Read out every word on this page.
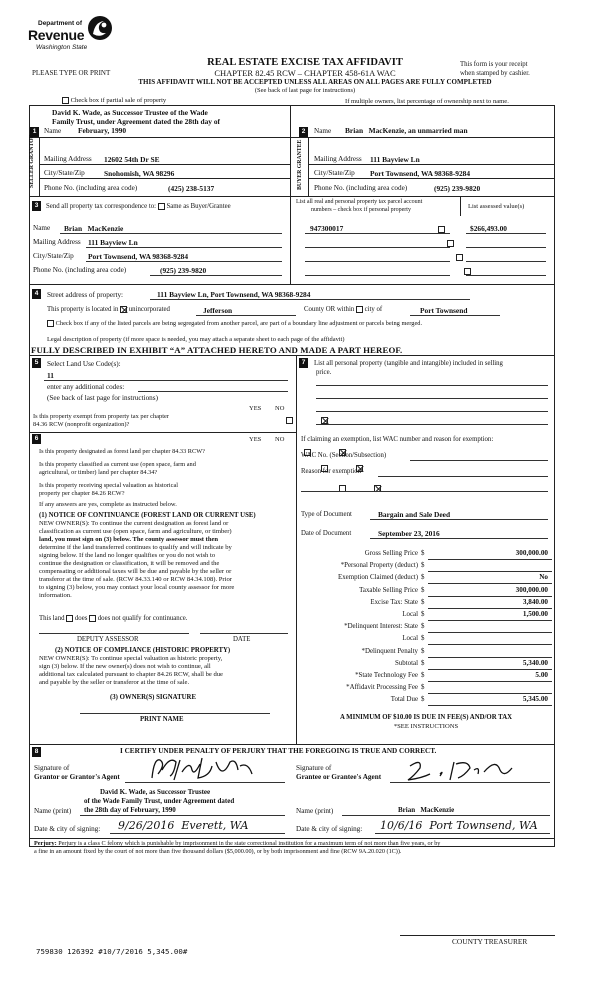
Department of
Revenue
Washington State
REAL ESTATE EXCISE TAX AFFIDAVIT
CHAPTER 82.45 RCW – CHAPTER 458-61A WAC
THIS AFFIDAVIT WILL NOT BE ACCEPTED UNLESS ALL AREAS ON ALL PAGES ARE FULLY COMPLETED
(See back of last page for instructions)
PLEASE TYPE OR PRINT
This form is your receipt
when stamped by cashier.
Check box if partial sale of property	If multiple owners, list percentage of ownership next to name.
1
David K. Wade, as Successor Trustee of the Wade
Family Trust, under Agreement dated the 28th day of
Name February, 1990
SELLER GRANTOR Mailing Address 12602 54th Dr SE
City/State/Zip	Snohomish, WA 98296
Phone No. (including area code)	(425) 238-5137
2	Name Brian   MacKenzie, an unmarried man
BUYER GRANTEE Mailing Address 111 Bayview Ln
City/State/Zip Port Townsend, WA 98368-9284
Phone No. (including area code)	(925) 239-9820
3	Send all property tax correspondence to: Same as Buyer/Grantee
List all real and personal property tax parcel account
numbers – check box if personal property	List assessed value(s)
Name Brian   MacKenzie
Mailing Address 111 Bayview Ln
City/State/Zip Port Townsend, WA 98368-9284
Phone No. (including area code)	(925) 239-9820
947300017	$266,493.00

4	Street address of property:	111 Bayview Ln, Port Townsend, WA 98368-9284
This property is located in unincorporated	Jefferson	County OR within city of	Port Townsend
Check box if any of the listed parcels are being segregated from another parcel, are part of a boundary line adjustment or parcels being merged.
Legal description of property (if more space is needed, you may attach a separate sheet to each page of the affidavit)
FULLY DESCRIBED IN EXHIBIT “A” ATTACHED HERETO AND MADE A PART HEREOF.
5	Select Land Use Code(s):
11
enter any additional codes:
(See back of last page for instructions)
YES NO
Is this property exempt from property tax per chapter
84.36 RCW (nonprofit organization)?

6	YES NO
Is this property designated as forest land per chapter 84.33 RCW?

Is this property classified as current use (open space, farm and
agricultural, or timber) land per chapter 84.34?

Is this property receiving special valuation as historical
property per chapter 84.26 RCW?

If any answers are yes, complete as instructed below.
(1) NOTICE OF CONTINUANCE (FOREST LAND OR CURRENT USE)
NEW OWNER(S): To continue the current designation as forest land or
classification as current use (open space, farm and agriculture, or timber)
land, you must sign on (3) below. The county assessor must then
determine if the land transferred continues to qualify and will indicate by
signing below. If the land no longer qualifies or you do not wish to
continue the designation or classification, it will be removed and the
compensating or additional taxes will be due and payable by the seller or
transferor at the time of sale. (RCW 84.33.140 or RCW 84.34.108). Prior
to signing (3) below, you may contact your local county assessor for more
information.
This land does does not qualify for continuance.
DEPUTY ASSESSOR	DATE
(2) NOTICE OF COMPLIANCE (HISTORIC PROPERTY)
NEW OWNER(S): To continue special valuation as historic property,
sign (3) below. If the new owner(s) does not wish to continue, all
additional tax calculated pursuant to chapter 84.26 RCW, shall be due
and payable by the seller or transferor at the time of sale.
(3) OWNER(S) SIGNATURE
PRINT NAME
7	List all personal property (tangible and intangible) included in selling
price.
If claiming an exemption, list WAC number and reason for exemption:
WAC No. (Section/Subsection)
Reason for exemption
Type of Document	Bargain and Sale Deed
Date of Document	September 23, 2016
Gross Selling Price $	300,000.00
*Personal Property (deduct) $
Exemption Claimed (deduct) $	No
Taxable Selling Price $	300,000.00
Excise Tax: State $	3,840.00
Local $	1,500.00
*Delinquent Interest: State $
Local $
*Delinquent Penalty $
Subtotal $	5,340.00
*State Technology Fee $	5.00
*Affidavit Processing Fee $
Total Due $	5,345.00
A MINIMUM OF $10.00 IS DUE IN FEE(S) AND/OR TAX
*SEE INSTRUCTIONS
8	I CERTIFY UNDER PENALTY OF PERJURY THAT THE FOREGOING IS TRUE AND CORRECT.
Signature of
Grantor or Grantor's Agent
Signature of
Grantee or Grantee's Agent
David K. Wade, as Successor Trustee
of the Wade Family Trust, under Agreement dated
Name (print) the 28th day of February, 1990	Name (print)	Brian   MacKenzie
Date & city of signing: 9/26/2016  Everett, WA	Date & city of signing: 10/6/16  Port Townsend, WA
Perjury: Perjury is a class C felony which is punishable by imprisonment in the state correctional institution for a maximum term of not more than five years, or by
a fine in an amount fixed by the court of not more than five thousand dollars ($5,000.00), or by both imprisonment and fine (RCW 9A.20.020 (1C)).
759830 126392 #10/7/2016 5,345.00#
COUNTY TREASURER
